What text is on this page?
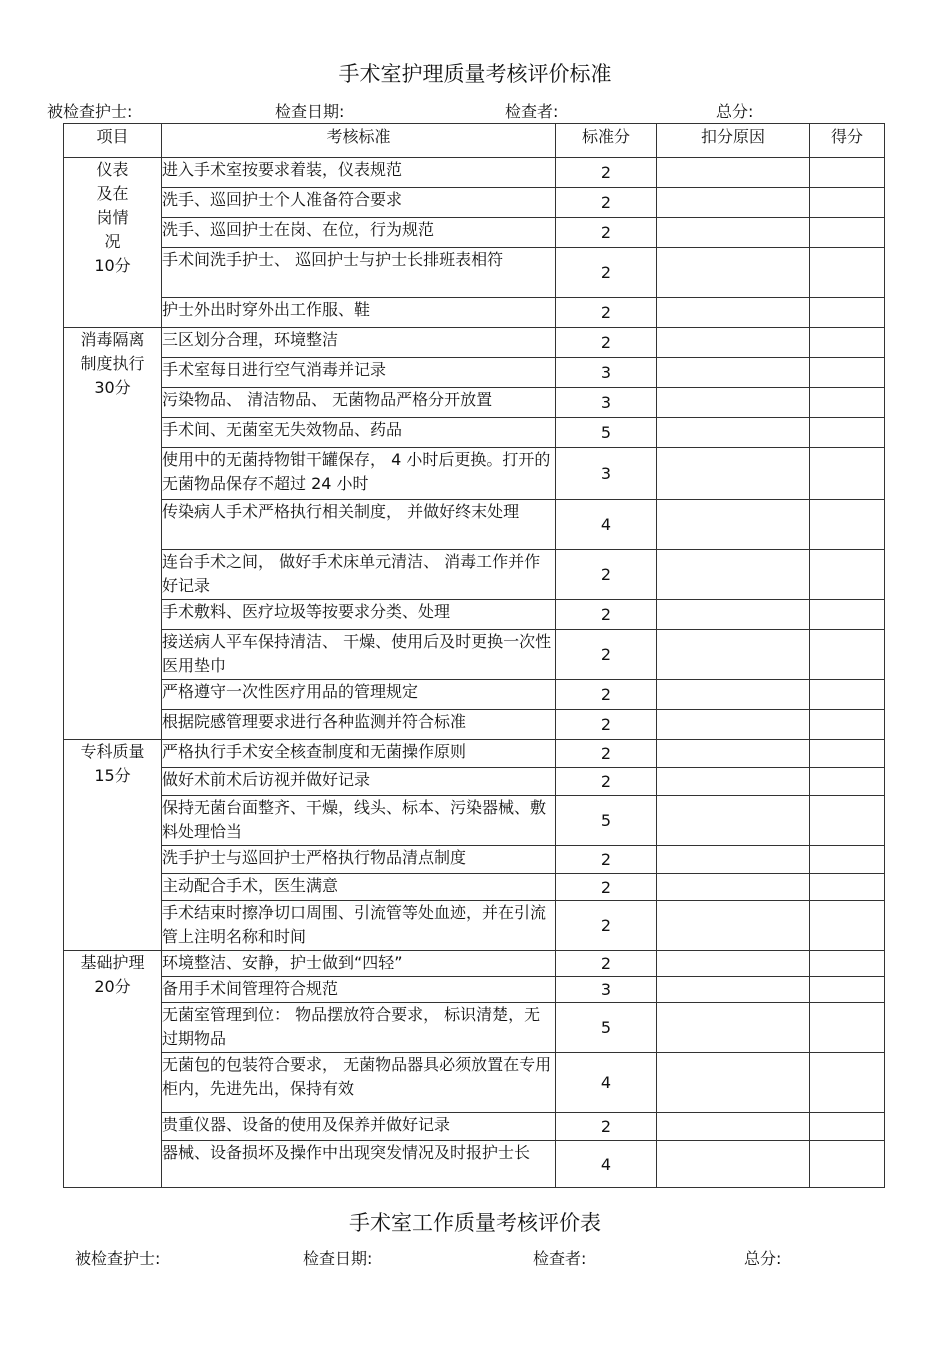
手术室护理质量考核评价标准
被检查护士:	检查日期:	检查者:	总分:
项目	考核标准	标准分	扣分原因	得分

仪表
及在
岗情
况
10分	进入手术室按要求着装，仪表规范	2		
	洗手、巡回护士个人准备符合要求	2		
	洗手、巡回护士在岗、在位，行为规范	2		
	手术间洗手护士、 巡回护士与护士长排班表相符	2		
	护士外出时穿外出工作服、鞋	2		

消毒隔离
制度执行
30分	三区划分合理，环境整洁	2		
	手术室每日进行空气消毒并记录	3		
	污染物品、 清洁物品、 无菌物品严格分开放置	3		
	手术间、无菌室无失效物品、药品	5		
	使用中的无菌持物钳干罐保存， 4 小时后更换。打开的无菌物品保存不超过 24 小时	3		
	传染病人手术严格执行相关制度， 并做好终末处理	4		
	连台手术之间， 做好手术床单元清洁、 消毒工作并作好记录	2		
	手术敷料、医疗垃圾等按要求分类、处理	2		
	接送病人平车保持清洁、 干燥、使用后及时更换一次性医用垫巾	2		
	严格遵守一次性医疗用品的管理规定	2		
	根据院感管理要求进行各种监测并符合标准	2		

专科质量
15分	严格执行手术安全核查制度和无菌操作原则	2		
	做好术前术后访视并做好记录	2		
	保持无菌台面整齐、干燥，线头、标本、污染器械、敷料处理恰当	5		
	洗手护士与巡回护士严格执行物品清点制度	2		
	主动配合手术，医生满意	2		
	手术结束时擦净切口周围、引流管等处血迹，并在引流管上注明名称和时间	2		

基础护理
20分	环境整洁、安静，护士做到“四轻”	2		
	备用手术间管理符合规范	3		
	无菌室管理到位： 物品摆放符合要求， 标识清楚，无过期物品	5		
	无菌包的包装符合要求， 无菌物品器具必须放置在专用柜内，先进先出，保持有效	4		
	贵重仪器、设备的使用及保养并做好记录	2		
	器械、设备损坏及操作中出现突发情况及时报护士长	4		
手术室工作质量考核评价表
被检查护士:	检查日期:	检查者:	总分:
